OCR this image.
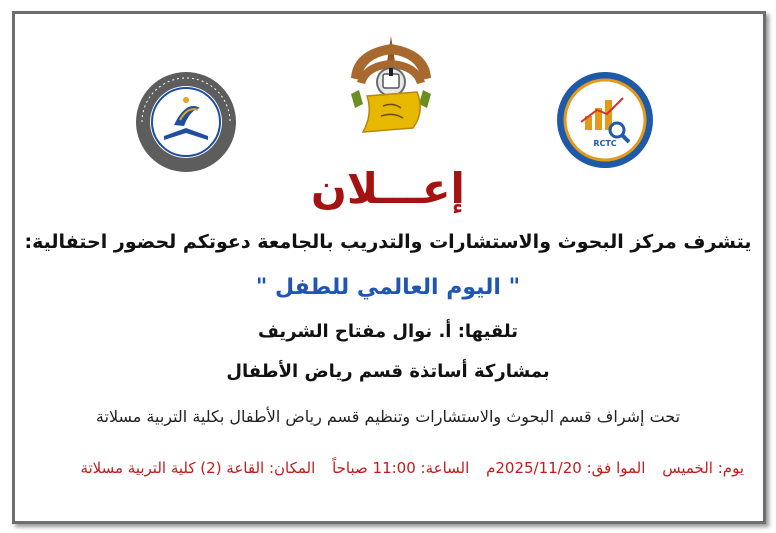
RCTC
إعـــلان
يتشرف مركز البحوث والاستشارات والتدريب بالجامعة دعوتكم لحضور احتفالية:
" اليوم العالمي للطفل "
تلقيها: أ. نوال مفتاح الشريف
بمشاركة أساتذة قسم رياض الأطفال
تحت إشراف قسم البحوث والاستشارات وتنظيم قسم رياض الأطفال بكلية التربية مسلاتة
يوم: الخميس الموا فق: 2025/11/20م الساعة: 11:00 صباحاً المكان: القاعة (2) كلية التربية مسلاتة
